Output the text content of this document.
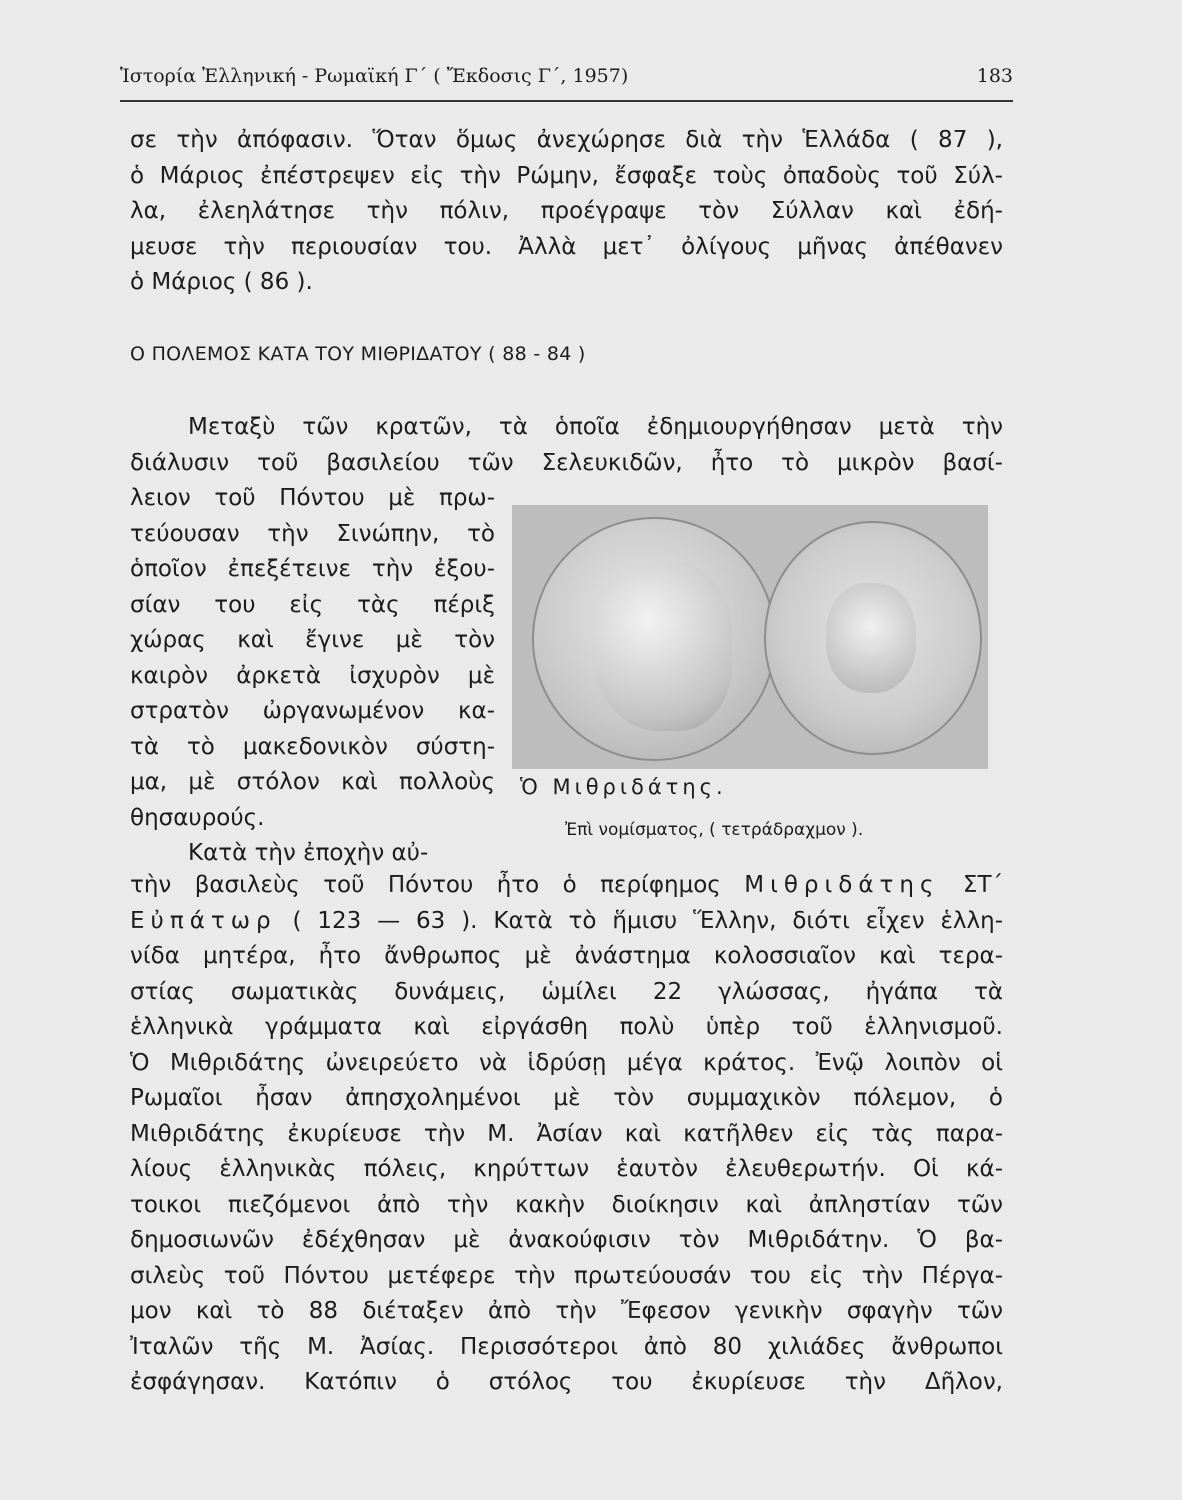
Ἱστορία Ἑλληνική - Ρωμαϊκή Γ΄ ( Ἔκδοσις Γ΄, 1957)	183
σε τὴν ἀπόφασιν. Ὅταν ὅμως ἀνεχώρησε διὰ τὴν Ἑλλάδα ( 87 ),
ὁ Μάριος ἐπέστρεψεν εἰς τὴν Ρώμην, ἔσφαξε τοὺς ὀπαδοὺς τοῦ Σύλ-
λα, ἐλεηλάτησε τὴν πόλιν, προέγραψε τὸν Σύλλαν καὶ ἐδή-
μευσε τὴν περιουσίαν του. Ἀλλὰ μετ᾽ ὀλίγους μῆνας ἀπέθανεν
ὁ Μάριος ( 86 ).
Ο ΠΟΛΕΜΟΣ ΚΑΤΑ ΤΟΥ ΜΙΘΡΙΔΑΤΟΥ ( 88 - 84 )
Μεταξὺ τῶν κρατῶν, τὰ ὁποῖα ἐδημιουργήθησαν μετὰ τὴν
διάλυσιν τοῦ βασιλείου τῶν Σελευκιδῶν, ἦτο τὸ μικρὸν βασί-
λειον τοῦ Πόντου μὲ πρω-
τεύουσαν τὴν Σινώπην, τὸ
ὁποῖον ἐπεξέτεινε τὴν ἐξου-
σίαν του εἰς τὰς πέριξ
χώρας καὶ ἔγινε μὲ τὸν
καιρὸν ἀρκετὰ ἰσχυρὸν μὲ
στρατὸν ὠργανωμένον κα-
τὰ τὸ μακεδονικὸν σύστη-
μα, μὲ στόλον καὶ πολλοὺς
θησαυρούς.
Κατὰ τὴν ἐποχὴν αὐ-
Ὁ Μιθριδάτης.
Ἐπὶ νομίσματος, ( τετράδραχμον ).
τὴν βασιλεὺς τοῦ Πόντου ἦτο ὁ περίφημος Μιθριδάτης ΣΤ΄
Εὐπάτωρ ( 123 — 63 ). Κατὰ τὸ ἥμισυ Ἕλλην, διότι εἶχεν ἑλλη-
νίδα μητέρα, ἦτο ἄνθρωπος μὲ ἀνάστημα κολοσσιαῖον καὶ τερα-
στίας σωματικὰς δυνάμεις, ὡμίλει 22 γλώσσας, ἠγάπα τὰ
ἑλληνικὰ γράμματα καὶ εἰργάσθη πολὺ ὑπὲρ τοῦ ἑλληνισμοῦ.
Ὁ Μιθριδάτης ὠνειρεύετο νὰ ἱδρύσῃ μέγα κράτος. Ἐνῷ λοιπὸν οἱ
Ρωμαῖοι ἦσαν ἀπησχολημένοι μὲ τὸν συμμαχικὸν πόλεμον, ὁ
Μιθριδάτης ἐκυρίευσε τὴν Μ. Ἀσίαν καὶ κατῆλθεν εἰς τὰς παρα-
λίους ἑλληνικὰς πόλεις, κηρύττων ἑαυτὸν ἐλευθερωτήν. Οἱ κά-
τοικοι πιεζόμενοι ἀπὸ τὴν κακὴν διοίκησιν καὶ ἀπληστίαν τῶν
δημοσιωνῶν ἐδέχθησαν μὲ ἀνακούφισιν τὸν Μιθριδάτην. Ὁ βα-
σιλεὺς τοῦ Πόντου μετέφερε τὴν πρωτεύουσάν του εἰς τὴν Πέργα-
μον καὶ τὸ 88 διέταξεν ἀπὸ τὴν Ἔφεσον γενικὴν σφαγὴν τῶν
Ἰταλῶν τῆς Μ. Ἀσίας. Περισσότεροι ἀπὸ 80 χιλιάδες ἄνθρωποι
ἐσφάγησαν. Κατόπιν ὁ στόλος του ἐκυρίευσε τὴν Δῆλον,
